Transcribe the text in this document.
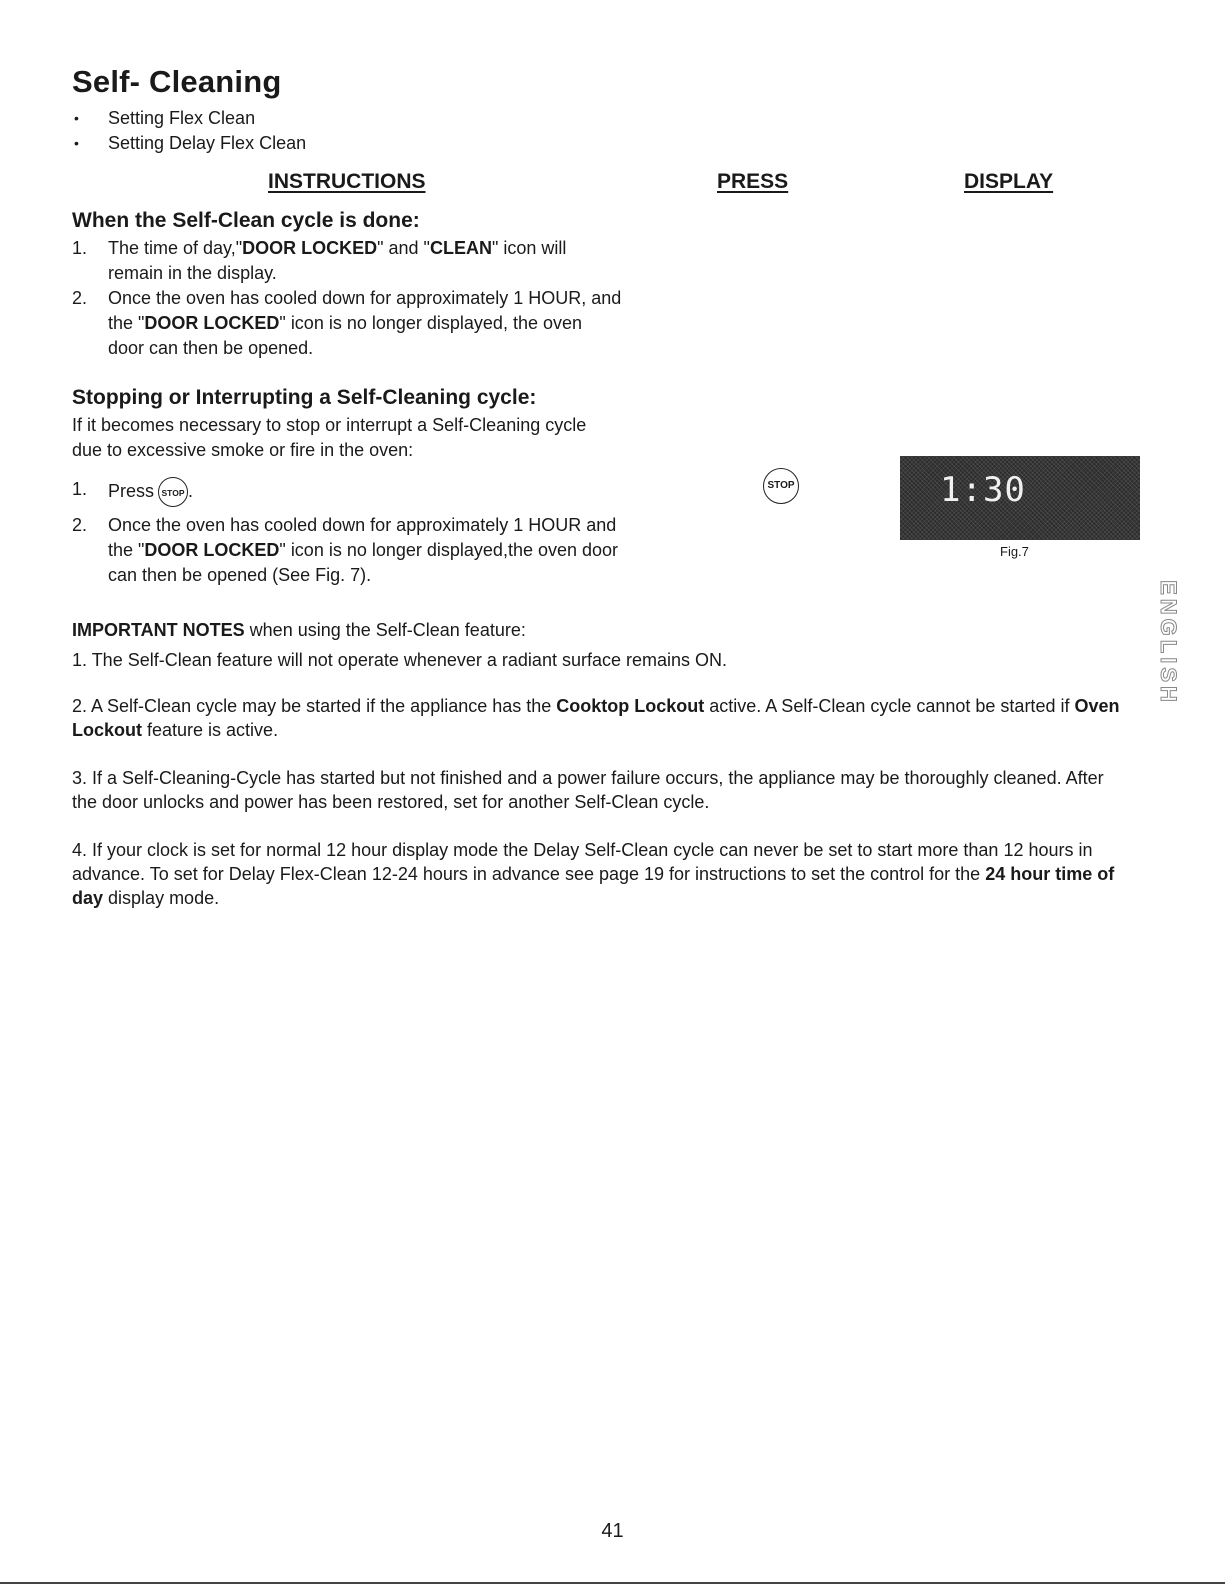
Self- Cleaning
• Setting Flex Clean
• Setting Delay Flex Clean
INSTRUCTIONS	PRESS	DISPLAY
When the Self-Clean cycle is done:
1. The time of day,"DOOR LOCKED" and "CLEAN" icon will
remain in the display.
2. Once the oven has cooled down for approximately 1 HOUR, and
the "DOOR LOCKED" icon is no longer displayed, the oven
door can then be opened.
Stopping or Interrupting a Self-Cleaning cycle:
If it becomes necessary to stop or interrupt a Self-Cleaning cycle
due to excessive smoke or fire in the oven:
1. Press STOP .
2. Once the oven has cooled down for approximately 1 HOUR and
the "DOOR LOCKED" icon is no longer displayed,the oven door
can then be opened (See Fig. 7).
STOP	1:30
Fig.7
ENGLISH
IMPORTANT NOTES when using the Self-Clean feature:
1. The Self-Clean feature will not operate whenever a radiant surface remains ON.
2. A Self-Clean cycle may be started if the appliance has the Cooktop Lockout active. A Self-Clean cycle cannot be started if Oven Lockout feature is active.
3. If a Self-Cleaning-Cycle has started but not finished and a power failure occurs, the appliance may be thoroughly cleaned. After the door unlocks and power has been restored, set for another Self-Clean cycle.
4. If your clock is set for normal 12 hour display mode the Delay Self-Clean cycle can never be set to start more than 12 hours in advance. To set for Delay Flex-Clean 12-24 hours in advance see page 19 for instructions to set the control for the 24 hour time of day display mode.
41
